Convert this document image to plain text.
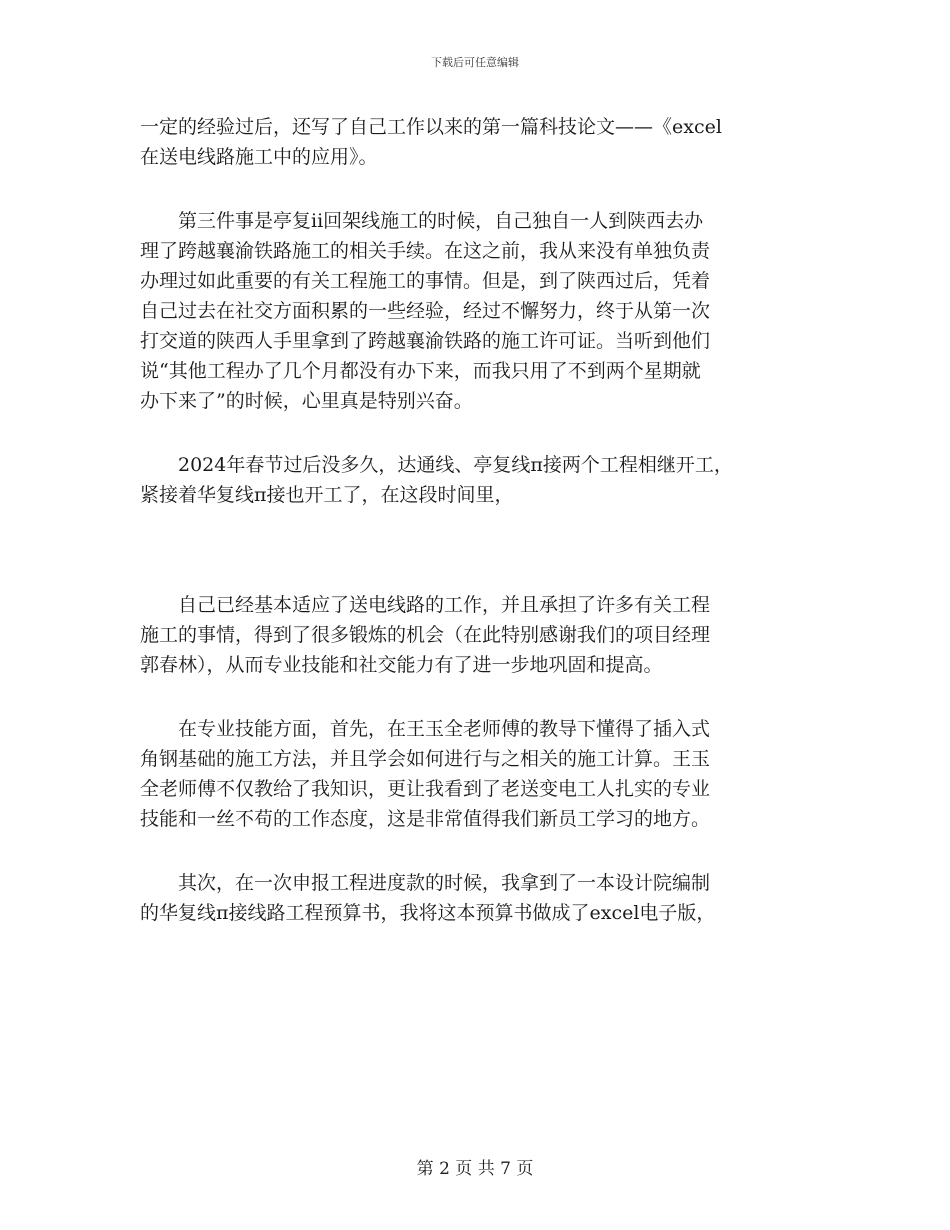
下载后可任意编辑

一定的经验过后，还写了自己工作以来的第一篇科技论文——《excel
在送电线路施工中的应用》。

第三件事是亭复ii回架线施工的时候，自己独自一人到陕西去办
理了跨越襄渝铁路施工的相关手续。在这之前，我从来没有单独负责
办理过如此重要的有关工程施工的事情。但是，到了陕西过后，凭着
自己过去在社交方面积累的一些经验，经过不懈努力，终于从第一次
打交道的陕西人手里拿到了跨越襄渝铁路的施工许可证。当听到他们
说“其他工程办了几个月都没有办下来，而我只用了不到两个星期就
办下来了”的时候，心里真是特别兴奋。

2024年春节过后没多久，达通线、亭复线π接两个工程相继开工，
紧接着华复线π接也开工了，在这段时间里，

自己已经基本适应了送电线路的工作，并且承担了许多有关工程
施工的事情，得到了很多锻炼的机会（在此特别感谢我们的项目经理
郭春林），从而专业技能和社交能力有了进一步地巩固和提高。

在专业技能方面，首先，在王玉全老师傅的教导下懂得了插入式
角钢基础的施工方法，并且学会如何进行与之相关的施工计算。王玉
全老师傅不仅教给了我知识，更让我看到了老送变电工人扎实的专业
技能和一丝不苟的工作态度，这是非常值得我们新员工学习的地方。

其次，在一次申报工程进度款的时候，我拿到了一本设计院编制
的华复线π接线路工程预算书，我将这本预算书做成了excel电子版，

第 2 页 共 7 页
